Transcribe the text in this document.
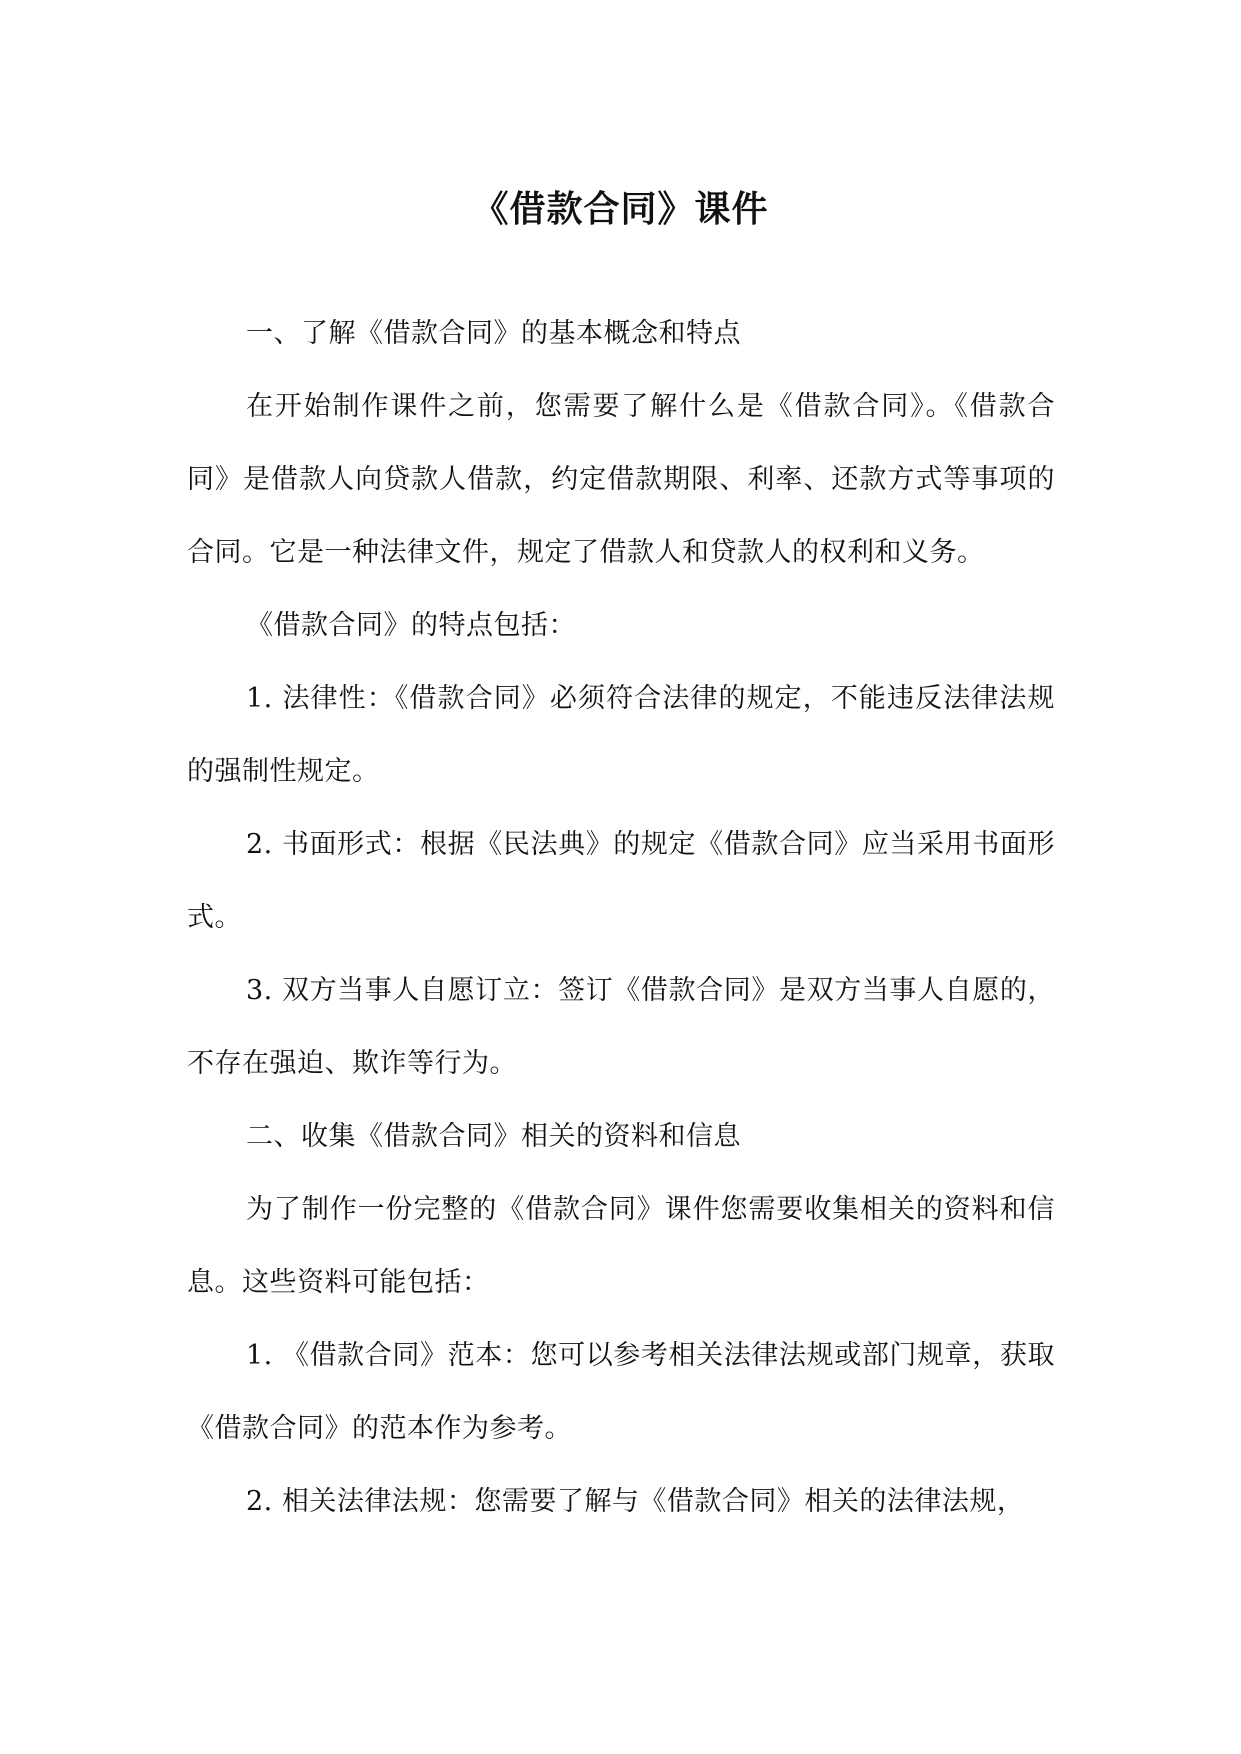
《借款合同》课件

一、了解《借款合同》的基本概念和特点

在开始制作课件之前，您需要了解什么是《借款合同》。《借款合同》是借款人向贷款人借款，约定借款期限、利率、还款方式等事项的合同。它是一种法律文件，规定了借款人和贷款人的权利和义务。

《借款合同》的特点包括：

1. 法律性：《借款合同》必须符合法律的规定，不能违反法律法规的强制性规定。

2. 书面形式：根据《民法典》的规定《借款合同》应当采用书面形式。

3. 双方当事人自愿订立：签订《借款合同》是双方当事人自愿的，不存在强迫、欺诈等行为。

二、收集《借款合同》相关的资料和信息

为了制作一份完整的《借款合同》课件您需要收集相关的资料和信息。这些资料可能包括：

1. 《借款合同》范本：您可以参考相关法律法规或部门规章，获取《借款合同》的范本作为参考。

2. 相关法律法规：您需要了解与《借款合同》相关的法律法规，
